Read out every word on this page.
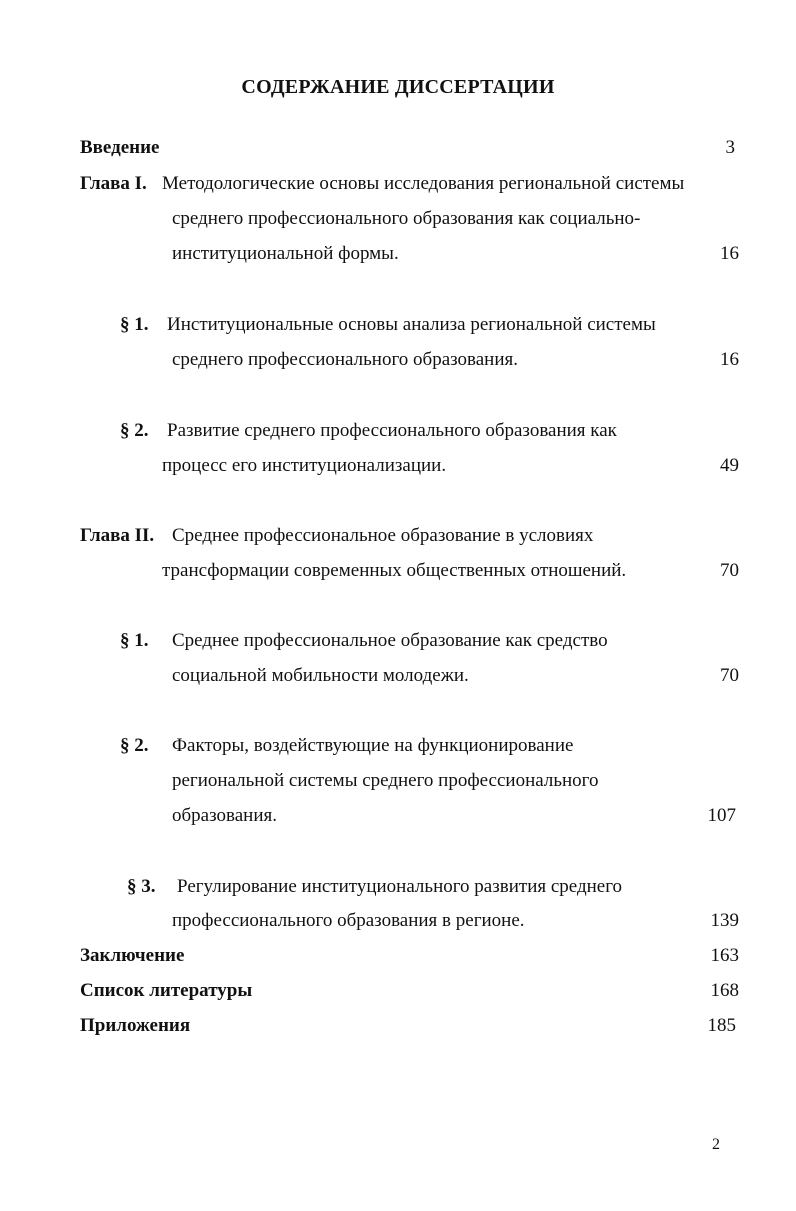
СОДЕРЖАНИЕ ДИССЕРТАЦИИ
Введение	3
Глава I. Методологические основы исследования региональной системы
среднего профессионального образования как социально-
институциональной формы.	16
§ 1. Институциональные основы анализа региональной системы
среднего профессионального образования.	16
§ 2. Развитие среднего профессионального образования как
процесс его институционализации.	49
Глава II. Среднее профессиональное образование в условиях
трансформации современных общественных отношений.	70
§ 1. Среднее профессиональное образование как средство
социальной мобильности молодежи.	70
§ 2. Факторы, воздействующие на функционирование
региональной системы среднего профессионального
образования.	107
§ 3. Регулирование институционального развития среднего
профессионального образования в регионе.	139
Заключение	163
Список литературы	168
Приложения	185
2
